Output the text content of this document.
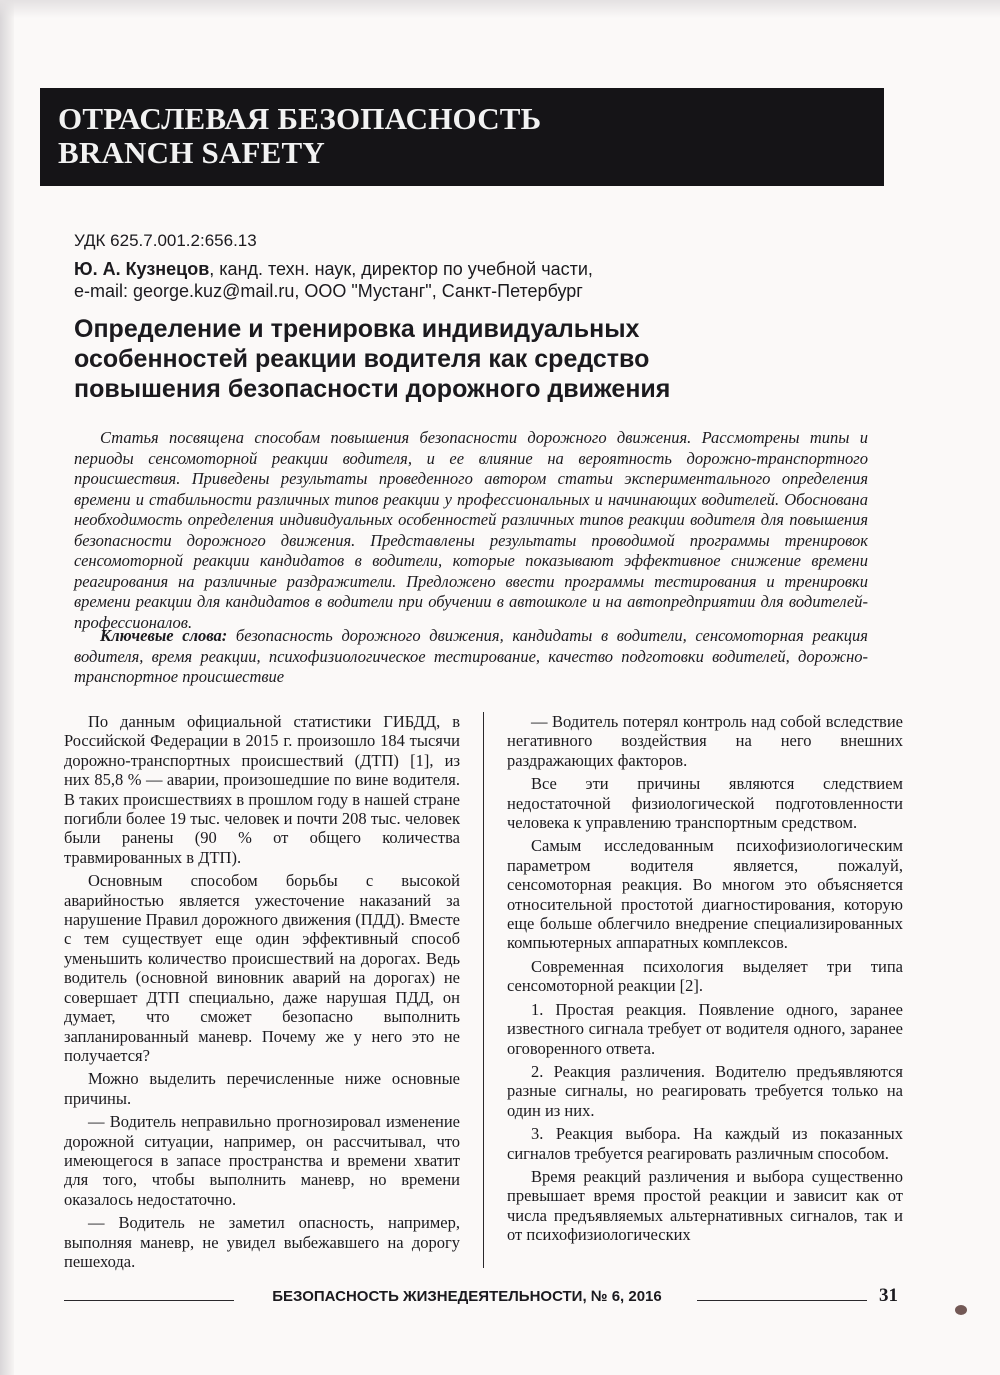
ОТРАСЛЕВАЯ БЕЗОПАСНОСТЬ
BRANCH SAFETY
УДК 625.7.001.2:656.13
Ю. А. Кузнецов, канд. техн. наук, директор по учебной части,
e-mail: george.kuz@mail.ru, ООО "Мустанг", Санкт-Петербург
Определение и тренировка индивидуальных особенностей реакции водителя как средство повышения безопасности дорожного движения

Статья посвящена способам повышения безопасности дорожного движения. Рассмотрены типы и периоды сенсомоторной реакции водителя, и ее влияние на вероятность дорожно-транспортного происшествия. Приведены результаты проведенного автором статьи экспериментального определения времени и стабильности различных типов реакции у профессиональных и начинающих водителей. Обоснована необходимость определения индивидуальных особенностей различных типов реакции водителя для повышения безопасности дорожного движения. Представлены результаты проводимой программы тренировок сенсомоторной реакции кандидатов в водители, которые показывают эффективное снижение времени реагирования на различные раздражители. Предложено ввести программы тестирования и тренировки времени реакции для кандидатов в водители при обучении в автошколе и на автопредприятии для водителей-профессионалов.

Ключевые слова: безопасность дорожного движения, кандидаты в водители, сенсомоторная реакция водителя, время реакции, психофизиологическое тестирование, качество подготовки водителей, дорожно-транспортное происшествие

По данным официальной статистики ГИБДД, в Российской Федерации в 2015 г. произошло 184 тысячи дорожно-транспортных происшествий (ДТП) [1], из них 85,8 % — аварии, произошедшие по вине водителя. В таких происшествиях в прошлом году в нашей стране погибли более 19 тыс. человек и почти 208 тыс. человек были ранены (90 % от общего количества травмированных в ДТП).

Основным способом борьбы с высокой аварийностью является ужесточение наказаний за нарушение Правил дорожного движения (ПДД). Вместе с тем существует еще один эффективный способ уменьшить количество происшествий на дорогах. Ведь водитель (основной виновник аварий на дорогах) не совершает ДТП специально, даже нарушая ПДД, он думает, что сможет безопасно выполнить запланированный маневр. Почему же у него это не получается?

Можно выделить перечисленные ниже основные причины.

— Водитель неправильно прогнозировал изменение дорожной ситуации, например, он рассчитывал, что имеющегося в запасе пространства и времени хватит для того, чтобы выполнить маневр, но времени оказалось недостаточно.

— Водитель не заметил опасность, например, выполняя маневр, не увидел выбежавшего на дорогу пешехода.

— Водитель потерял контроль над собой вследствие негативного воздействия на него внешних раздражающих факторов.

Все эти причины являются следствием недостаточной физиологической подготовленности человека к управлению транспортным средством.

Самым исследованным психофизиологическим параметром водителя является, пожалуй, сенсомоторная реакция. Во многом это объясняется относительной простотой диагностирования, которую еще больше облегчило внедрение специализированных компьютерных аппаратных комплексов.

Современная психология выделяет три типа сенсомоторной реакции [2].

1. Простая реакция. Появление одного, заранее известного сигнала требует от водителя одного, заранее оговоренного ответа.

2. Реакция различения. Водителю предъявляются разные сигналы, но реагировать требуется только на один из них.

3. Реакция выбора. На каждый из показанных сигналов требуется реагировать различным способом.

Время реакций различения и выбора существенно превышает время простой реакции и зависит как от числа предъявляемых альтернативных сигналов, так и от психофизиологических

БЕЗОПАСНОСТЬ ЖИЗНЕДЕЯТЕЛЬНОСТИ, № 6, 2016	31
